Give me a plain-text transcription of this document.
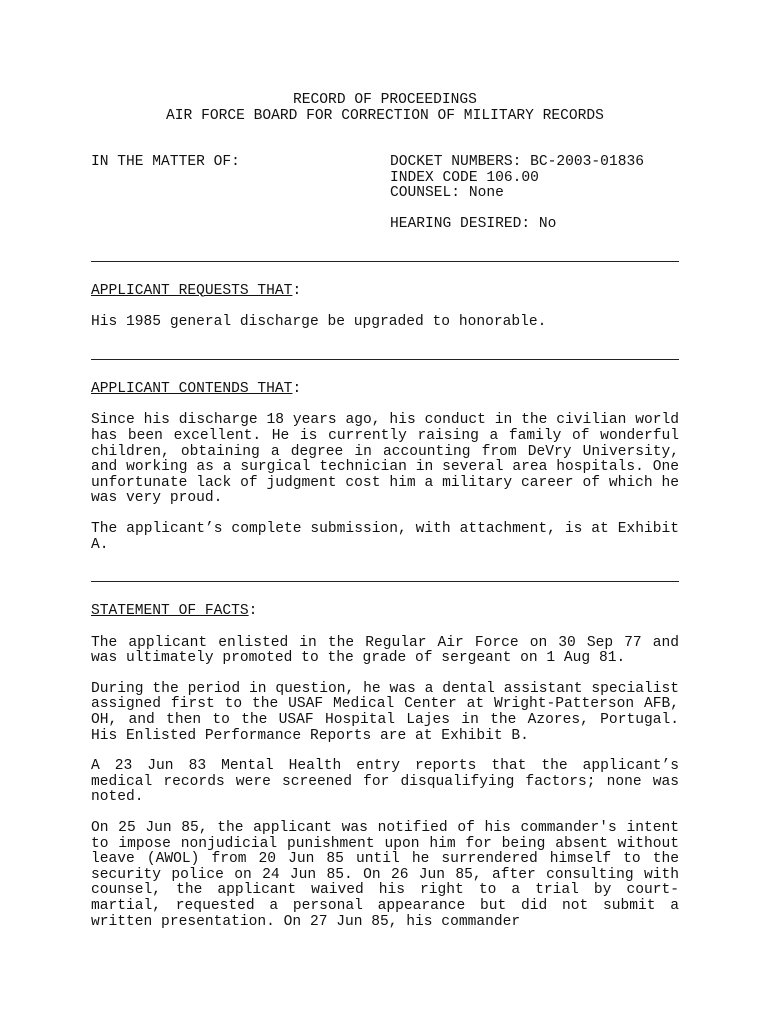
RECORD OF PROCEEDINGS
AIR FORCE BOARD FOR CORRECTION OF MILITARY RECORDS
IN THE MATTER OF:	DOCKET NUMBERS: BC-2003-01836
INDEX CODE 106.00
COUNSEL: None
HEARING DESIRED: No
APPLICANT REQUESTS THAT:

His 1985 general discharge be upgraded to honorable.

APPLICANT CONTENDS THAT:

Since his discharge 18 years ago, his conduct in the civilian world has been excellent. He is currently raising a family of wonderful children, obtaining a degree in accounting from DeVry University, and working as a surgical technician in several area hospitals. One unfortunate lack of judgment cost him a military career of which he was very proud.

The applicant’s complete submission, with attachment, is at Exhibit A.

STATEMENT OF FACTS:

The applicant enlisted in the Regular Air Force on 30 Sep 77 and was ultimately promoted to the grade of sergeant on 1 Aug 81.

During the period in question, he was a dental assistant specialist assigned first to the USAF Medical Center at Wright-Patterson AFB, OH, and then to the USAF Hospital Lajes in the Azores, Portugal. His Enlisted Performance Reports are at Exhibit B.

A 23 Jun 83 Mental Health entry reports that the applicant’s medical records were screened for disqualifying factors; none was noted.

On 25 Jun 85, the applicant was notified of his commander's intent to impose nonjudicial punishment upon him for being absent without leave (AWOL) from 20 Jun 85 until he surrendered himself to the security police on 24 Jun 85. On 26 Jun 85, after consulting with counsel, the applicant waived his right to a trial by court-martial, requested a personal appearance but did not submit a written presentation. On 27 Jun 85, his commander
